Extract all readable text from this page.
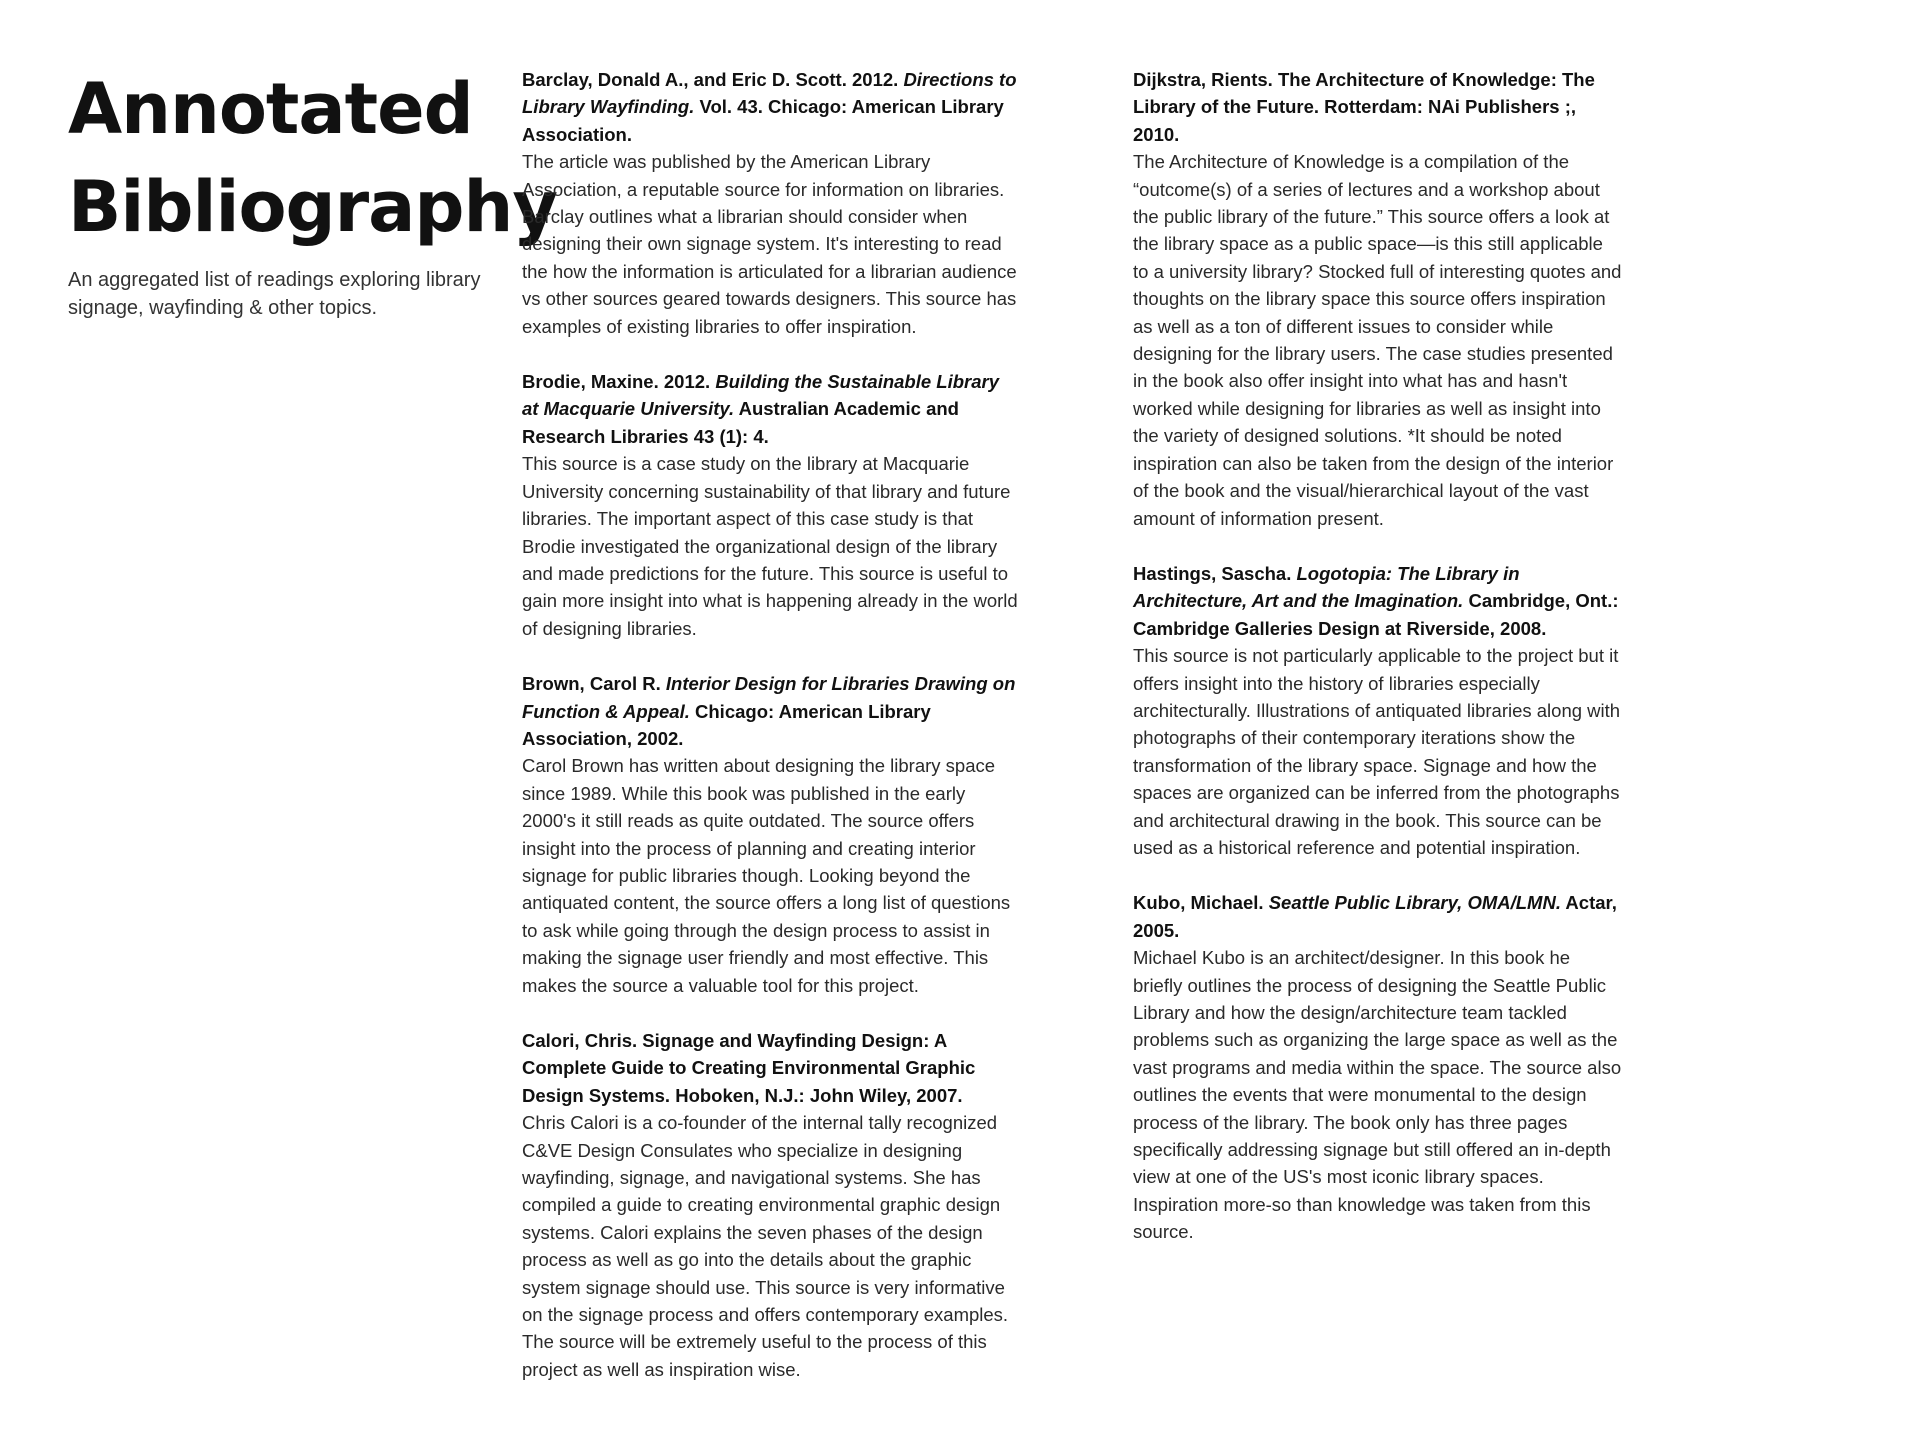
Annotated
Bibliography

An aggregated list of readings exploring library signage, wayfinding & other topics.

Barclay, Donald A., and Eric D. Scott. 2012. Directions to Library Wayfinding. Vol. 43. Chicago: American Library Association.

The article was published by the American Library Association, a reputable source for information on libraries. Barclay outlines what a librarian should consider when designing their own signage system. It's interesting to read the how the information is articulated for a librarian audience vs other sources geared towards designers. This source has examples of existing libraries to offer inspiration.

Brodie, Maxine. 2012. Building the Sustainable Library at Macquarie University. Australian Academic and Research Libraries 43 (1): 4.

This source is a case study on the library at Macquarie University concerning sustainability of that library and future libraries. The important aspect of this case study is that Brodie investigated the organizational design of the library and made predictions for the future. This source is useful to gain more insight into what is happening already in the world of designing libraries.

Brown, Carol R. Interior Design for Libraries Drawing on Function & Appeal. Chicago: American Library Association, 2002.

Carol Brown has written about designing the library space since 1989. While this book was published in the early 2000's it still reads as quite outdated. The source offers insight into the process of planning and creating interior signage for public libraries though. Looking beyond the antiquated content, the source offers a long list of questions to ask while going through the design process to assist in making the signage user friendly and most effective. This makes the source a valuable tool for this project.

Calori, Chris. Signage and Wayfinding Design: A Complete Guide to Creating Environmental Graphic Design Systems. Hoboken, N.J.: John Wiley, 2007.

Chris Calori is a co-founder of the internal tally recognized C&VE Design Consulates who specialize in designing wayfinding, signage, and navigational systems. She has compiled a guide to creating environmental graphic design systems. Calori explains the seven phases of the design process as well as go into the details about the graphic system signage should use. This source is very informative on the signage process and offers contemporary examples. The source will be extremely useful to the process of this project as well as inspiration wise.

Dijkstra, Rients. The Architecture of Knowledge: The Library of the Future. Rotterdam: NAi Publishers ;, 2010.

The Architecture of Knowledge is a compilation of the “outcome(s) of a series of lectures and a workshop about the public library of the future.” This source offers a look at the library space as a public space—is this still applicable to a university library? Stocked full of interesting quotes and thoughts on the library space this source offers inspiration as well as a ton of different issues to consider while designing for the library users. The case studies presented in the book also offer insight into what has and hasn't worked while designing for libraries as well as insight into the variety of designed solutions. *It should be noted inspiration can also be taken from the design of the interior of the book and the visual/hierarchical layout of the vast amount of information present.

Hastings, Sascha. Logotopia: The Library in Architecture, Art and the Imagination. Cambridge, Ont.: Cambridge Galleries Design at Riverside, 2008.

This source is not particularly applicable to the project but it offers insight into the history of libraries especially architecturally. Illustrations of antiquated libraries along with photographs of their contemporary iterations show the transformation of the library space. Signage and how the spaces are organized can be inferred from the photographs and architectural drawing in the book. This source can be used as a historical reference and potential inspiration.

Kubo, Michael. Seattle Public Library, OMA/LMN. Actar, 2005.

Michael Kubo is an architect/designer. In this book he briefly outlines the process of designing the Seattle Public Library and how the design/architecture team tackled problems such as organizing the large space as well as the vast programs and media within the space. The source also outlines the events that were monumental to the design process of the library. The book only has three pages specifically addressing signage but still offered an in-depth view at one of the US's most iconic library spaces. Inspiration more-so than knowledge was taken from this source.
